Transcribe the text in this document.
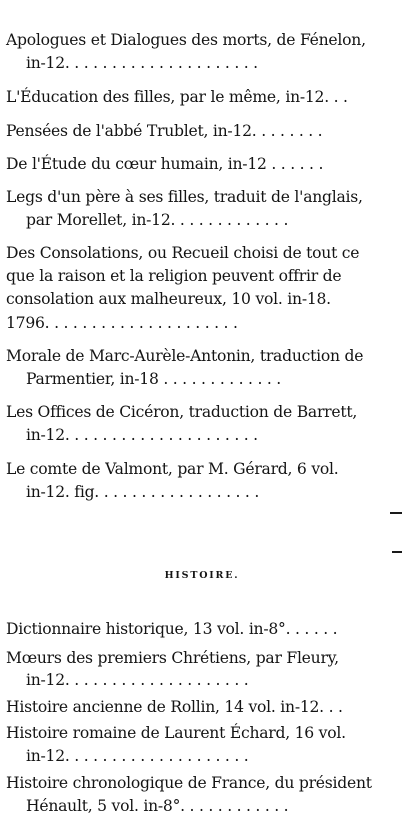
Apologues et Dialogues des morts, de Fénelon,
in-12. . . . . . . . . . . . . . . . . . . . .
L'Éducation des filles, par le même, in-12. . .
Pensées de l'abbé Trublet, in-12. . . . . . . .
De l'Étude du cœur humain, in-12 . . . . . .
Legs d'un père à ses filles, traduit de l'anglais,
par Morellet, in-12. . . . . . . . . . . . .
Des Consolations, ou Recueil choisi de tout ce
que la raison et la religion peuvent offrir de
consolation aux malheureux, 10 vol. in-18.
1796. . . . . . . . . . . . . . . . . . . . .
Morale de Marc-Aurèle-Antonin, traduction de
Parmentier, in-18 . . . . . . . . . . . . .
Les Offices de Cicéron, traduction de Barrett,
in-12. . . . . . . . . . . . . . . . . . . . .
Le comte de Valmont, par M. Gérard, 6 vol.
in-12. fig. . . . . . . . . . . . . . . . . .
HISTOIRE.
Dictionnaire historique, 13 vol. in-8°. . . . . .
Mœurs des premiers Chrétiens, par Fleury,
in-12. . . . . . . . . . . . . . . . . . . .
Histoire ancienne de Rollin, 14 vol. in-12. . .
Histoire romaine de Laurent Échard, 16 vol.
in-12. . . . . . . . . . . . . . . . . . . .
Histoire chronologique de France, du président
Hénault, 5 vol. in-8°. . . . . . . . . . . .
